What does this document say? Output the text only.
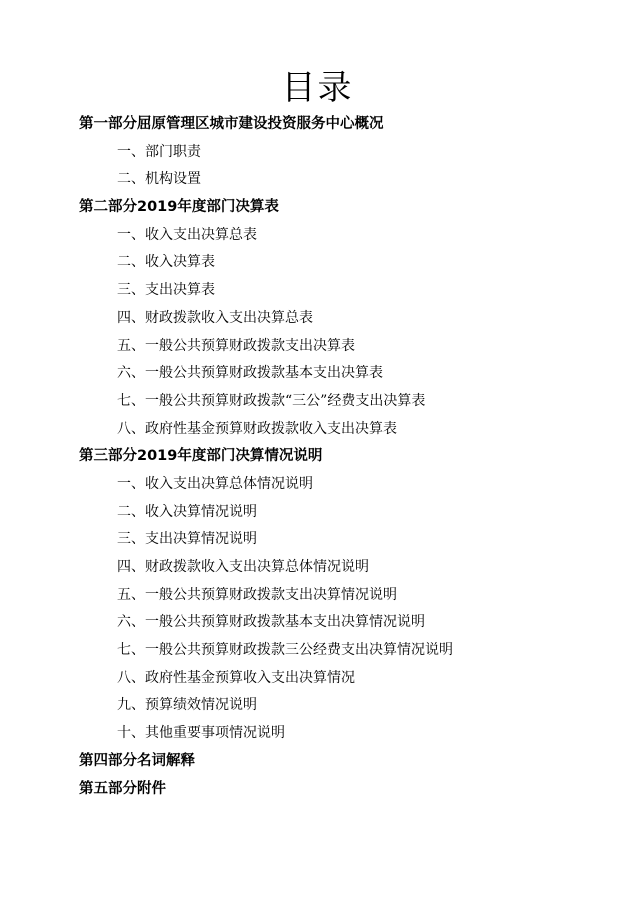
目录
第一部分屈原管理区城市建设投资服务中心概况
一、部门职责
二、机构设置
第二部分2019年度部门决算表
一、收入支出决算总表
二、收入决算表
三、支出决算表
四、财政拨款收入支出决算总表
五、一般公共预算财政拨款支出决算表
六、一般公共预算财政拨款基本支出决算表
七、一般公共预算财政拨款“三公”经费支出决算表
八、政府性基金预算财政拨款收入支出决算表
第三部分2019年度部门决算情况说明
一、收入支出决算总体情况说明
二、收入决算情况说明
三、支出决算情况说明
四、财政拨款收入支出决算总体情况说明
五、一般公共预算财政拨款支出决算情况说明
六、一般公共预算财政拨款基本支出决算情况说明
七、一般公共预算财政拨款三公经费支出决算情况说明
八、政府性基金预算收入支出决算情况
九、预算绩效情况说明
十、其他重要事项情况说明
第四部分名词解释
第五部分附件
